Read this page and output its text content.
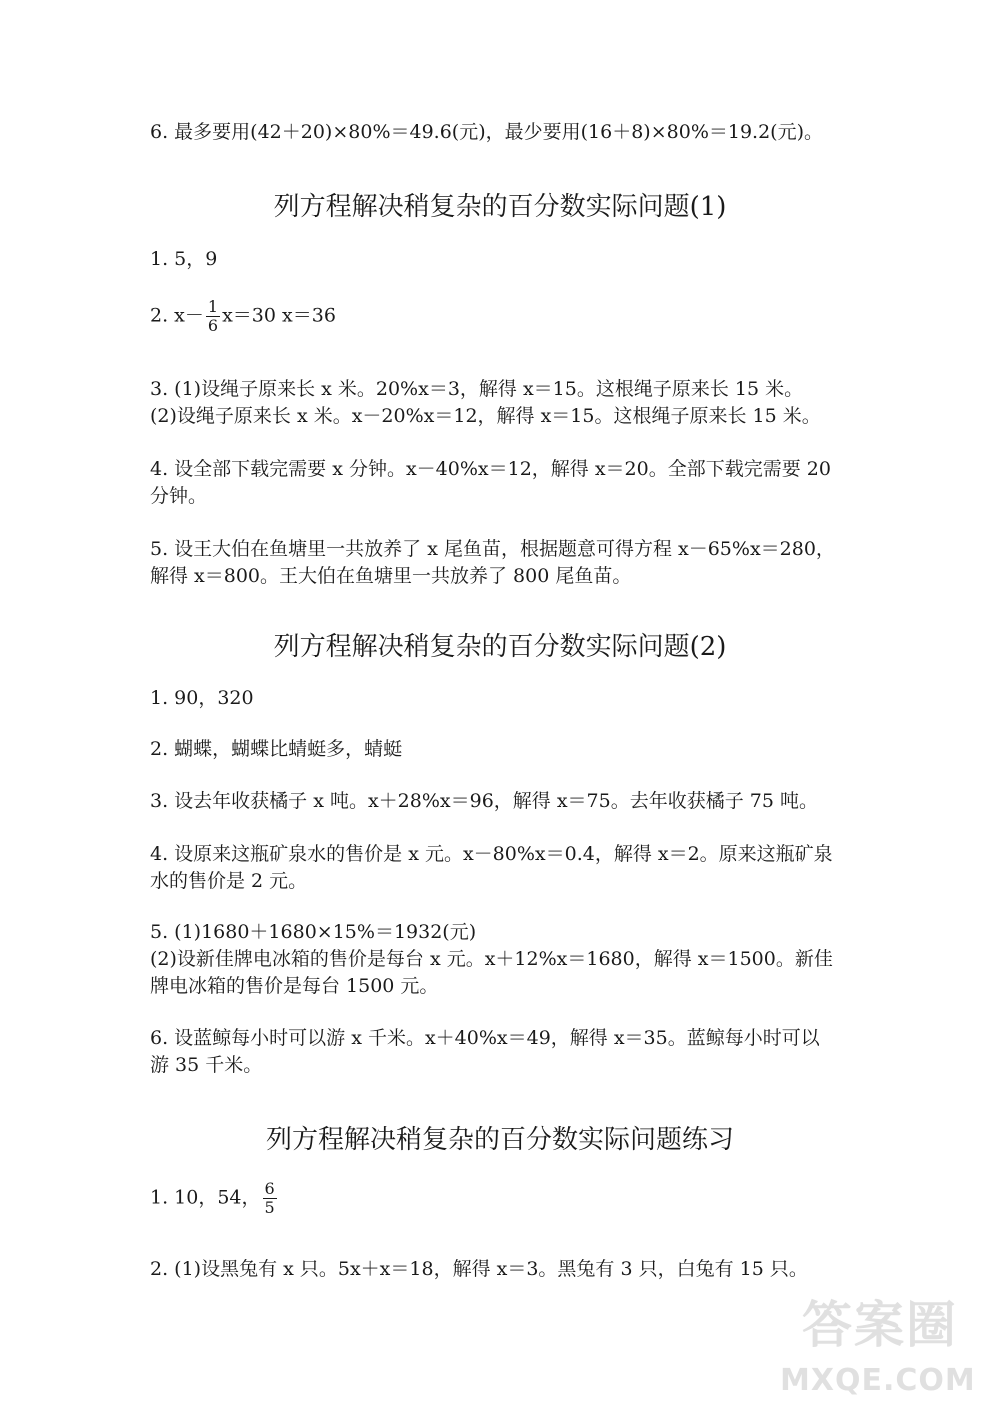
6. 最多要用(42＋20)×80%＝49.6(元)，最少要用(16＋8)×80%＝19.2(元)。
列方程解决稍复杂的百分数实际问题(1)
1. 5，9
2. $x- \frac{1}{6} x=30$ x＝36
3. (1)设绳子原来长 x 米。20%x＝3，解得 x＝15。这根绳子原来长 15 米。
(2)设绳子原来长 x 米。x－20%x＝12，解得 x＝15。这根绳子原来长 15 米。
4. 设全部下载完需要 x 分钟。x－40%x＝12，解得 x＝20。全部下载完需要 20
分钟。
5. 设王大伯在鱼塘里一共放养了 x 尾鱼苗，根据题意可得方程 x－65%x＝280，
解得 x＝800。王大伯在鱼塘里一共放养了 800 尾鱼苗。
列方程解决稍复杂的百分数实际问题(2)
1. 90，320
2. 蝴蝶，蝴蝶比蜻蜓多，蜻蜓
3. 设去年收获橘子 x 吨。x＋28%x＝96，解得 x＝75。去年收获橘子 75 吨。
4. 设原来这瓶矿泉水的售价是 x 元。x－80%x＝0.4，解得 x＝2。原来这瓶矿泉
水的售价是 2 元。
5. (1)1680＋1680×15%＝1932(元)
(2)设新佳牌电冰箱的售价是每台 x 元。x＋12%x＝1680，解得 x＝1500。新佳
牌电冰箱的售价是每台 1500 元。
6. 设蓝鲸每小时可以游 x 千米。x＋40%x＝49，解得 x＝35。蓝鲸每小时可以
游 35 千米。
列方程解决稍复杂的百分数实际问题练习
1. 10，54， $\frac{6}{5}$
2. (1)设黑兔有 x 只。5x＋x＝18，解得 x＝3。黑兔有 3 只，白兔有 15 只。
答案圈
MXQE.COM
